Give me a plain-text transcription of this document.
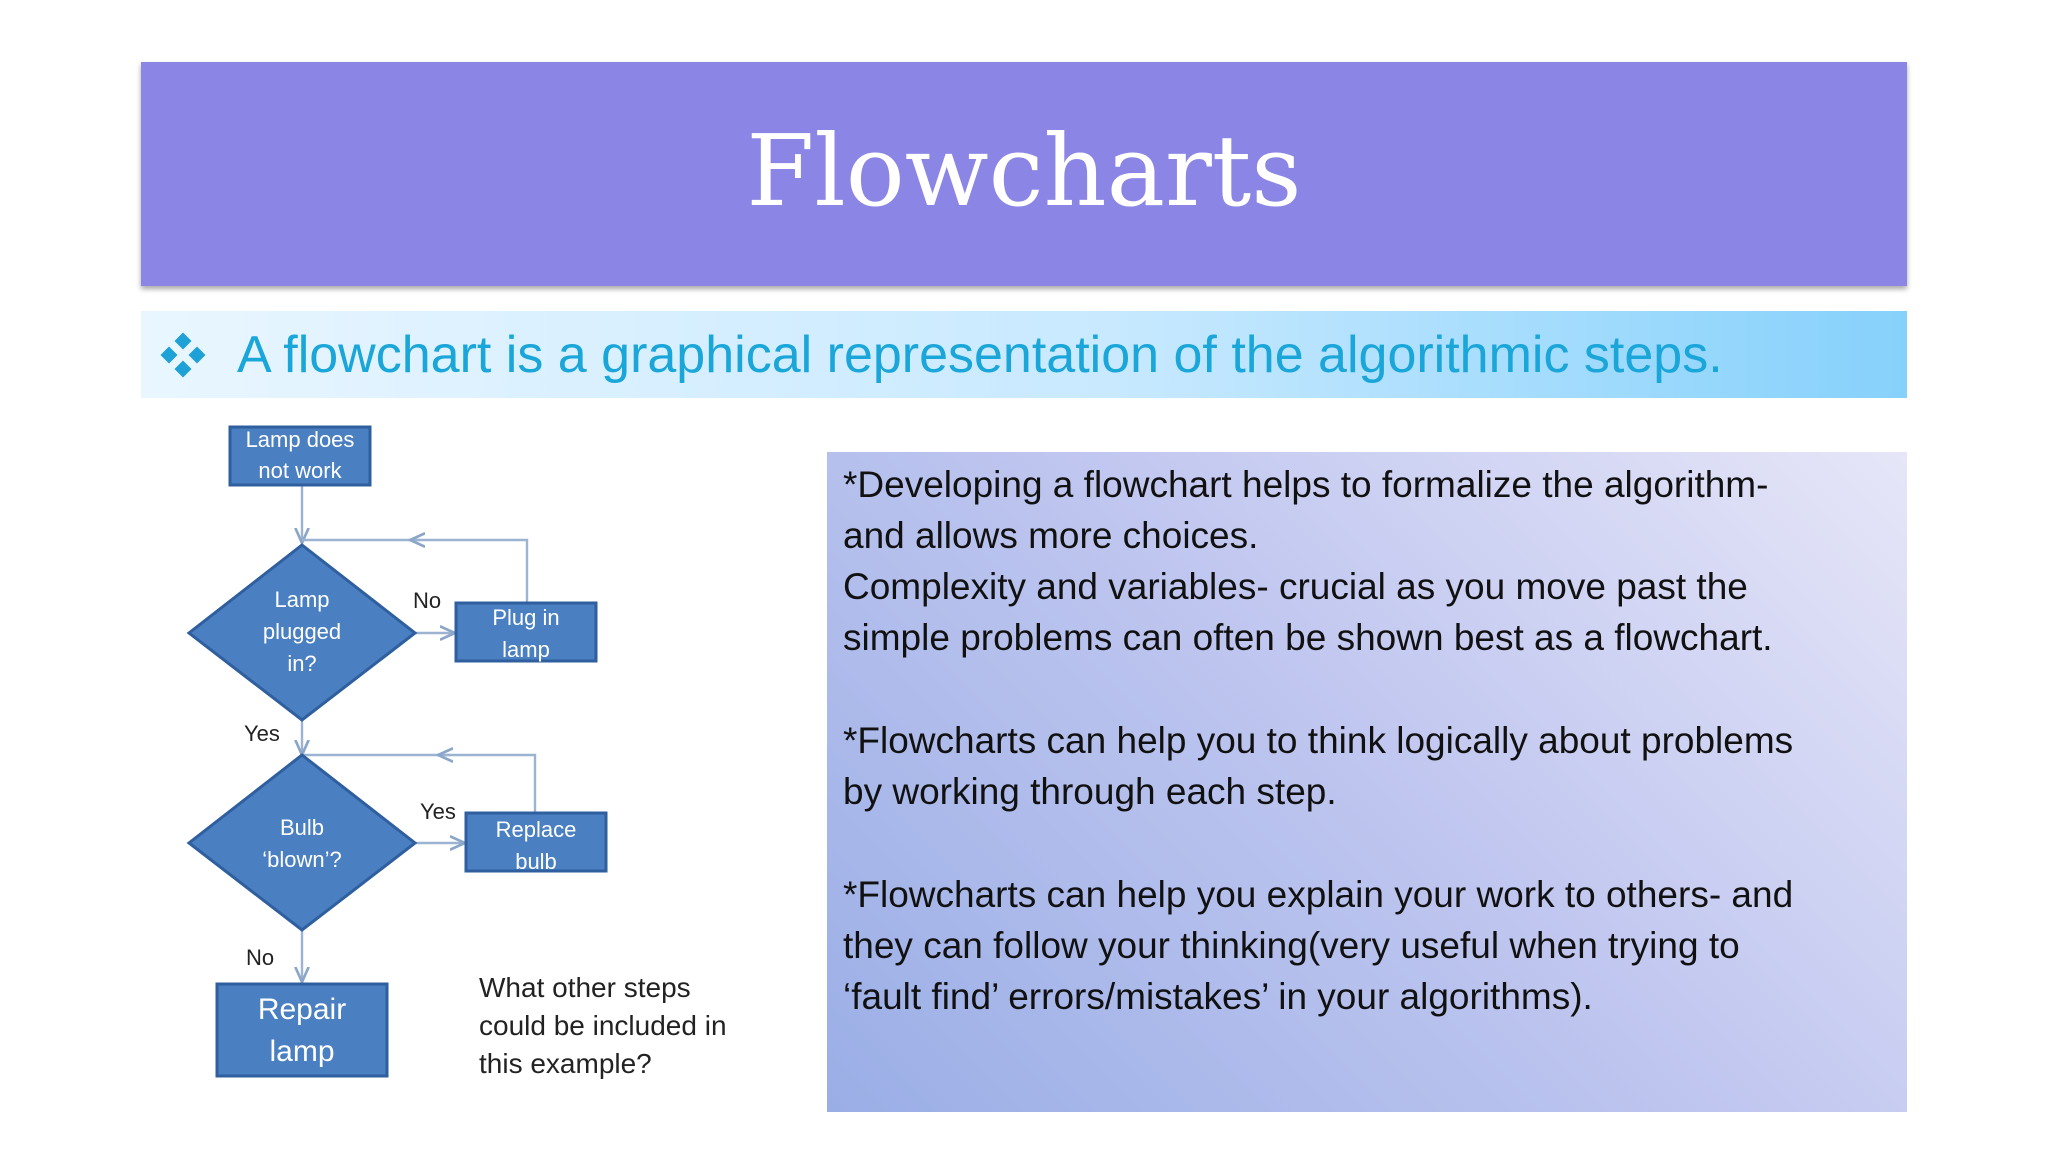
Flowcharts
A flowchart is a graphical representation of the algorithmic steps.
Lamp does
not work
Lamp
plugged
in?
Plug in
lamp
Bulb
‘blown’?
Replace
bulb
Repair
lamp
No
Yes
Yes
No
What other steps
could be included in
this example?

*Developing a flowchart helps to formalize the algorithm-
and allows more choices.
Complexity and variables- crucial as you move past the
simple problems can often be shown best as a flowchart.

*Flowcharts can help you to think logically about problems
by working through each step.

*Flowcharts can help you explain your work to others- and
they can follow your thinking(very useful when trying to
‘fault find’ errors/mistakes’ in your algorithms).
